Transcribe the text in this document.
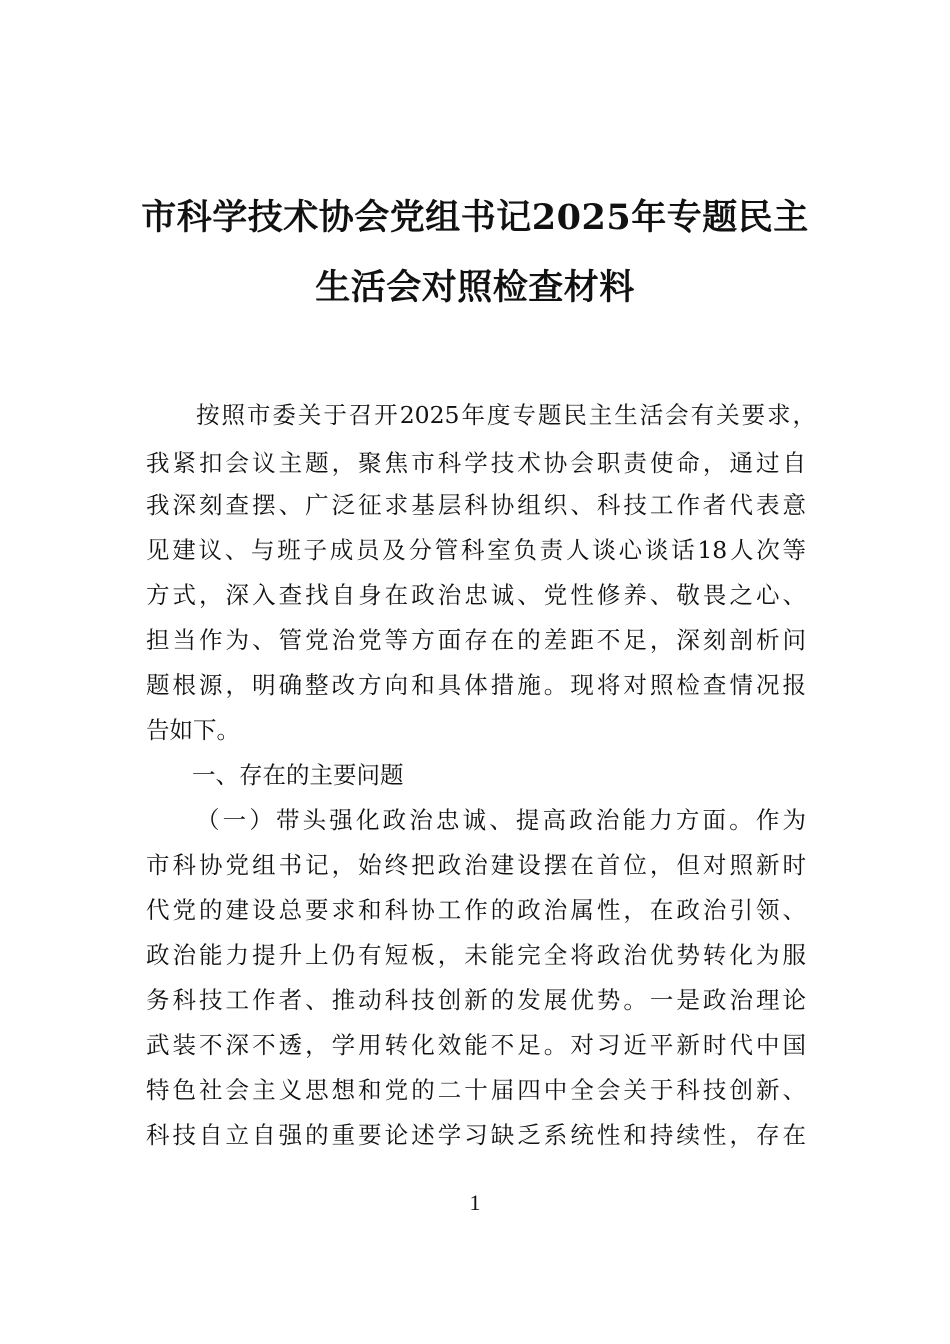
市科学技术协会党组书记2025年专题民主
生活会对照检查材料
按照市委关于召开2025年度专题民主生活会有关要求，
我紧扣会议主题，聚焦市科学技术协会职责使命，通过自
我深刻查摆、广泛征求基层科协组织、科技工作者代表意
见建议、与班子成员及分管科室负责人谈心谈话18人次等
方式，深入查找自身在政治忠诚、党性修养、敬畏之心、
担当作为、管党治党等方面存在的差距不足，深刻剖析问
题根源，明确整改方向和具体措施。现将对照检查情况报
告如下。
一、存在的主要问题
（一）带头强化政治忠诚、提高政治能力方面。作为
市科协党组书记，始终把政治建设摆在首位，但对照新时
代党的建设总要求和科协工作的政治属性，在政治引领、
政治能力提升上仍有短板，未能完全将政治优势转化为服
务科技工作者、推动科技创新的发展优势。一是政治理论
武装不深不透，学用转化效能不足。对习近平新时代中国
特色社会主义思想和党的二十届四中全会关于科技创新、
科技自立自强的重要论述学习缺乏系统性和持续性，存在
1
